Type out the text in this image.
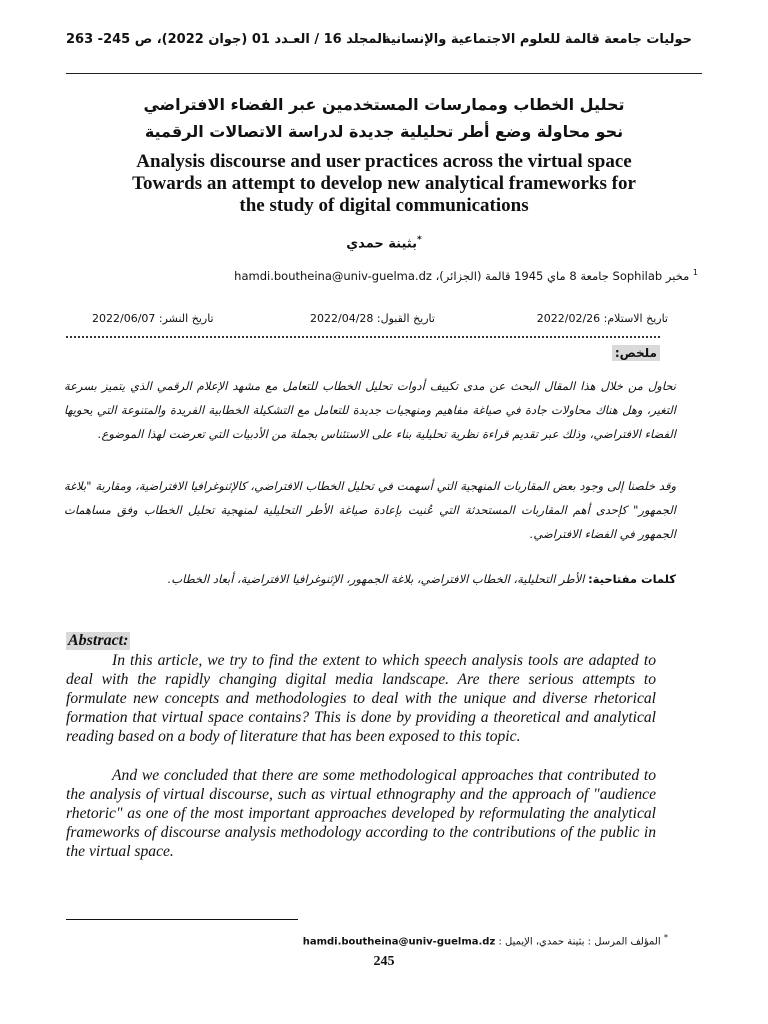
المجلد 16 / العـدد 01 (جوان 2022)، ص 245- 263
حوليات جامعة قالمة للعلوم الاجتماعية والإنسانية
تحليل الخطاب وممارسات المستخدمين عبر الفضاء الافتراضي
نحو محاولة وضع أطر تحليلية جديدة لدراسة الاتصالات الرقمية
Analysis discourse and user practices across the virtual space
Towards an attempt to develop new analytical frameworks for
the study of digital communications
بثينة حمدي*
$^1$ مخبر Sophilab جامعة 8 ماي 1945 قالمة (الجزائر)، hamdi.boutheina@univ-guelma.dz
تاريخ الاستلام: 2022/02/26
تاريخ القبول: 2022/04/28
تاريخ النشر: 2022/06/07
ملخص:
نحاول من خلال هذا المقال البحث عن مدى تكييف أدوات تحليل الخطاب للتعامل مع مشهد الإعلام الرقمي الذي يتميز بسرعة التغير، وهل هناك محاولات جادة في صياغة مفاهيم ومنهجيات جديدة للتعامل مع التشكيلة الخطابية الفريدة والمتنوعة التي يحويها الفضاء الافتراضي، وذلك عبر تقديم قراءة نظرية تحليلية بناء على الاستئناس بجملة من الأدبيات التي تعرضت لهذا الموضوع.
وقد خلصنا إلى وجود بعض المقاربات المنهجية التي أسهمت في تحليل الخطاب الافتراضي، كالإثنوغرافيا الافتراضية، ومقاربة "بلاغة الجمهور" كإحدى أهم المقاربات المستحدثة التي عُنيت بإعادة صياغة الأطر التحليلية لمنهجية تحليل الخطاب وفق مساهمات الجمهور في الفضاء الافتراضي.
كلمات مفتاحية: الأطر التحليلية، الخطاب الافتراضي، بلاغة الجمهور، الإثنوغرافيا الافتراضية، أبعاد الخطاب.
Abstract:
In this article, we try to find the extent to which speech analysis tools are adapted to deal with the rapidly changing digital media landscape. Are there serious attempts to formulate new concepts and methodologies to deal with the unique and diverse rhetorical formation that virtual space contains? This is done by providing a theoretical and analytical reading based on a body of literature that has been exposed to this topic.
And we concluded that there are some methodological approaches that contributed to the analysis of virtual discourse, such as virtual ethnography and the approach of "audience rhetoric" as one of the most important approaches developed by reformulating the analytical frameworks of discourse analysis methodology according to the contributions of the public in the virtual space.
* المؤلف المرسل : بثينة حمدي، الإيميل : hamdi.boutheina@univ-guelma.dz
245
